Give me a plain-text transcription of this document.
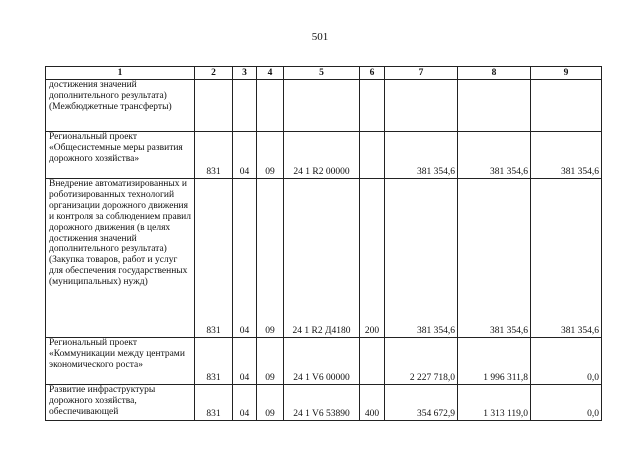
501
1	2	3	4	5	6	7	8	9
достижения значений дополнительного результата) (Межбюджетные трансферты)								
Региональный проект «Общесистемные меры развития дорожного хозяйства»	831	04	09	24 1 R2 00000		381 354,6	381 354,6	381 354,6
Внедрение автоматизированных и роботизированных технологий организации дорожного движения и контроля за соблюдением правил дорожного движения (в целях достижения значений дополнительного результата) (Закупка товаров, работ и услуг для обеспечения государственных (муниципальных) нужд)	831	04	09	24 1 R2 Д4180	200	381 354,6	381 354,6	381 354,6
Региональный проект «Коммуникации между центрами экономического роста»	831	04	09	24 1 V6 00000		2 227 718,0	1 996 311,8	0,0
Развитие инфраструктуры дорожного хозяйства, обеспечивающей	831	04	09	24 1 V6 53890	400	354 672,9	1 313 119,0	0,0
